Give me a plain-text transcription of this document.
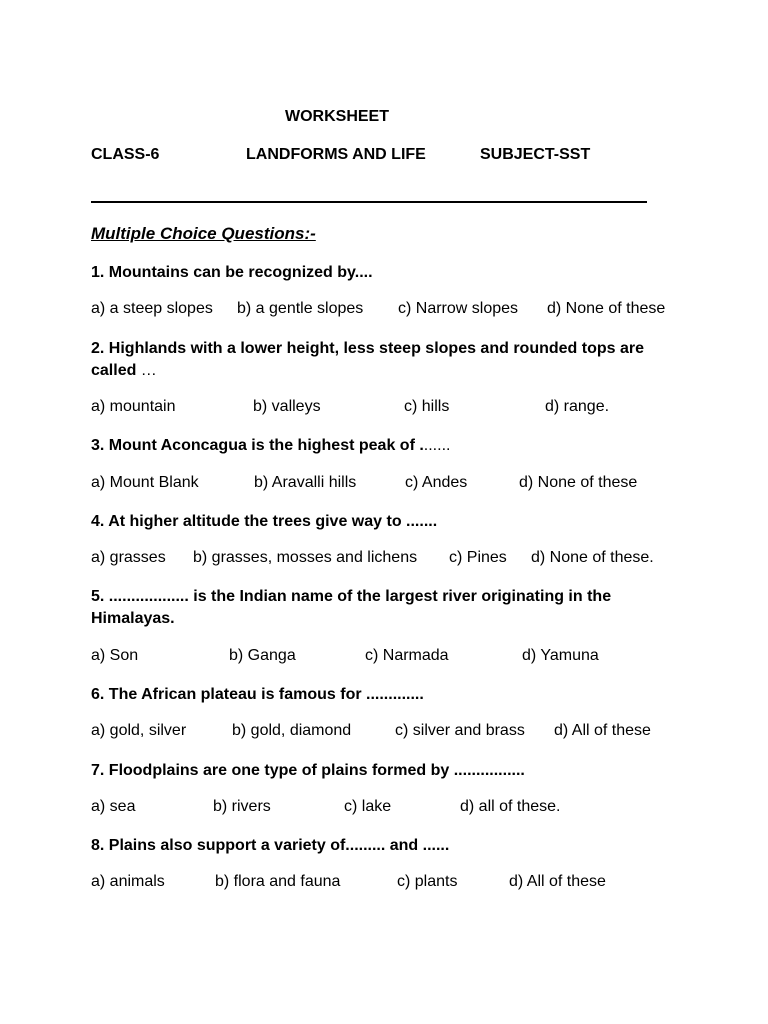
WORKSHEET
CLASS-6	LANDFORMS AND LIFE	SUBJECT-SST
Multiple Choice Questions:-
1. Mountains can be recognized by....
a) a steep slopes b) a gentle slopes c) Narrow slopes d) None of these
2. Highlands with a lower height, less steep slopes and rounded tops are called …
a) mountain	b) valleys	c) hills	d) range.
3. Mount Aconcagua is the highest peak of .......
a) Mount Blank	b) Aravalli hills	c) Andes	d) None of these
4. At higher altitude the trees give way to .......
a) grasses b) grasses, mosses and lichens c) Pines d) None of these.
5. .................. is the Indian name of the largest river originating in the Himalayas.
a) Son	b) Ganga	c) Narmada	d) Yamuna
6. The African plateau is famous for .............
a) gold, silver	b) gold, diamond	c) silver and brass d) All of these
7. Floodplains are one type of plains formed by ................
a) sea	b) rivers	c) lake	d) all of these.
8. Plains also support a variety of......... and ......
a) animals	b) flora and fauna	c) plants	d) All of these
